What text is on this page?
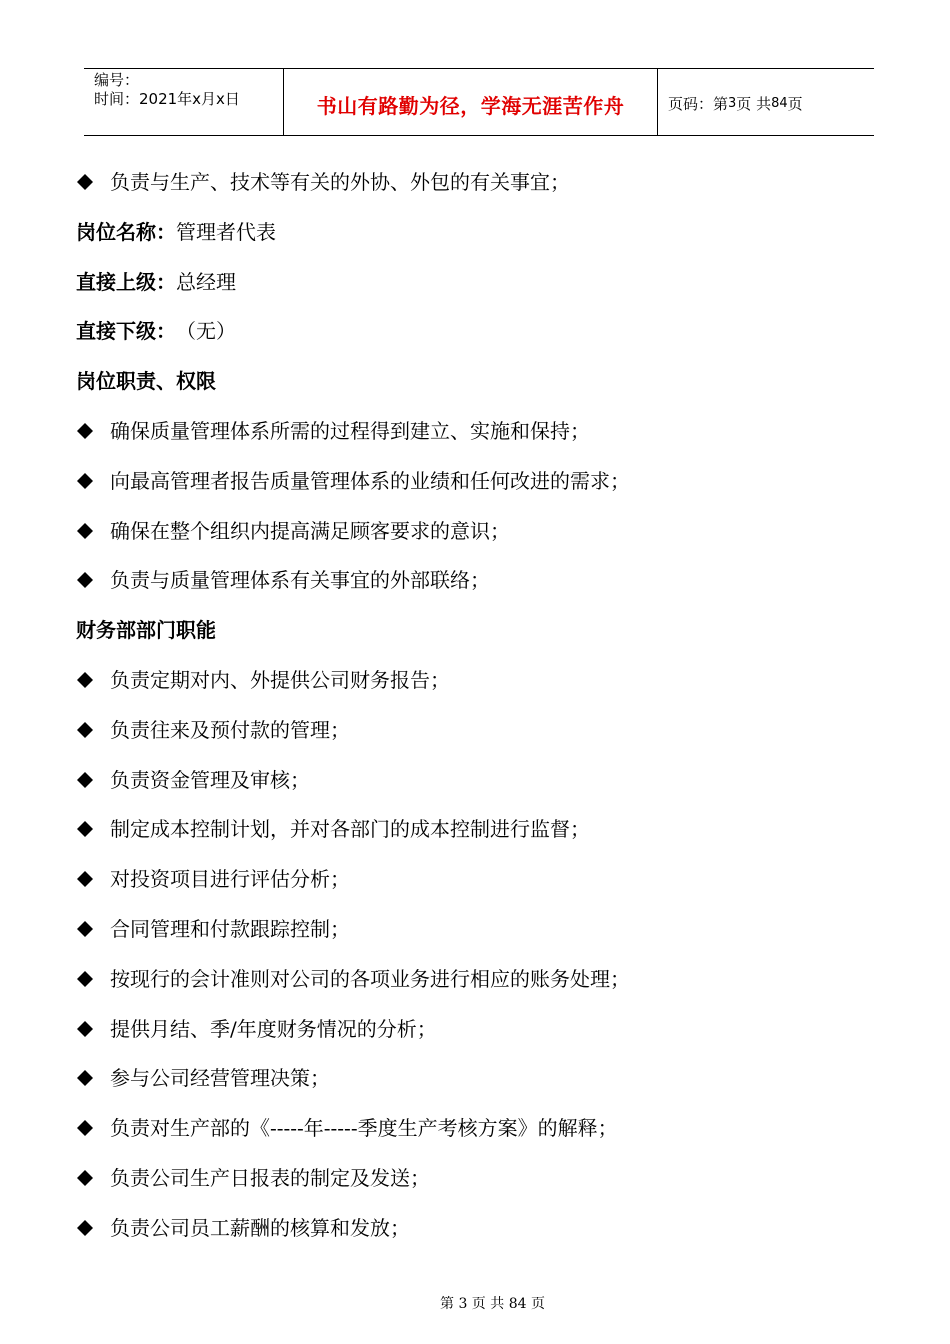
编号：
时间：2021年x月x日	书山有路勤为径，学海无涯苦作舟	页码：第 3 页 共 84 页
负责与生产、技术等有关的外协、外包的有关事宜；
岗位名称： 管理者代表
直接上级： 总经理
直接下级： （无）
岗位职责、权限
确保质量管理体系所需的过程得到建立、实施和保持；
向最高管理者报告质量管理体系的业绩和任何改进的需求；
确保在整个组织内提高满足顾客要求的意识；
负责与质量管理体系有关事宜的外部联络；
财务部部门职能
负责定期对内、外提供公司财务报告；
负责往来及预付款的管理；
负责资金管理及审核；
制定成本控制计划，并对各部门的成本控制进行监督；
对投资项目进行评估分析；
合同管理和付款跟踪控制；
按现行的会计准则对公司的各项业务进行相应的账务处理；
提供月结、季/年度财务情况的分析；
参与公司经营管理决策；
负责对生产部的《-----年-----季度生产考核方案》的解释；
负责公司生产日报表的制定及发送；
负责公司员工薪酬的核算和发放；
第 3 页 共 84 页
